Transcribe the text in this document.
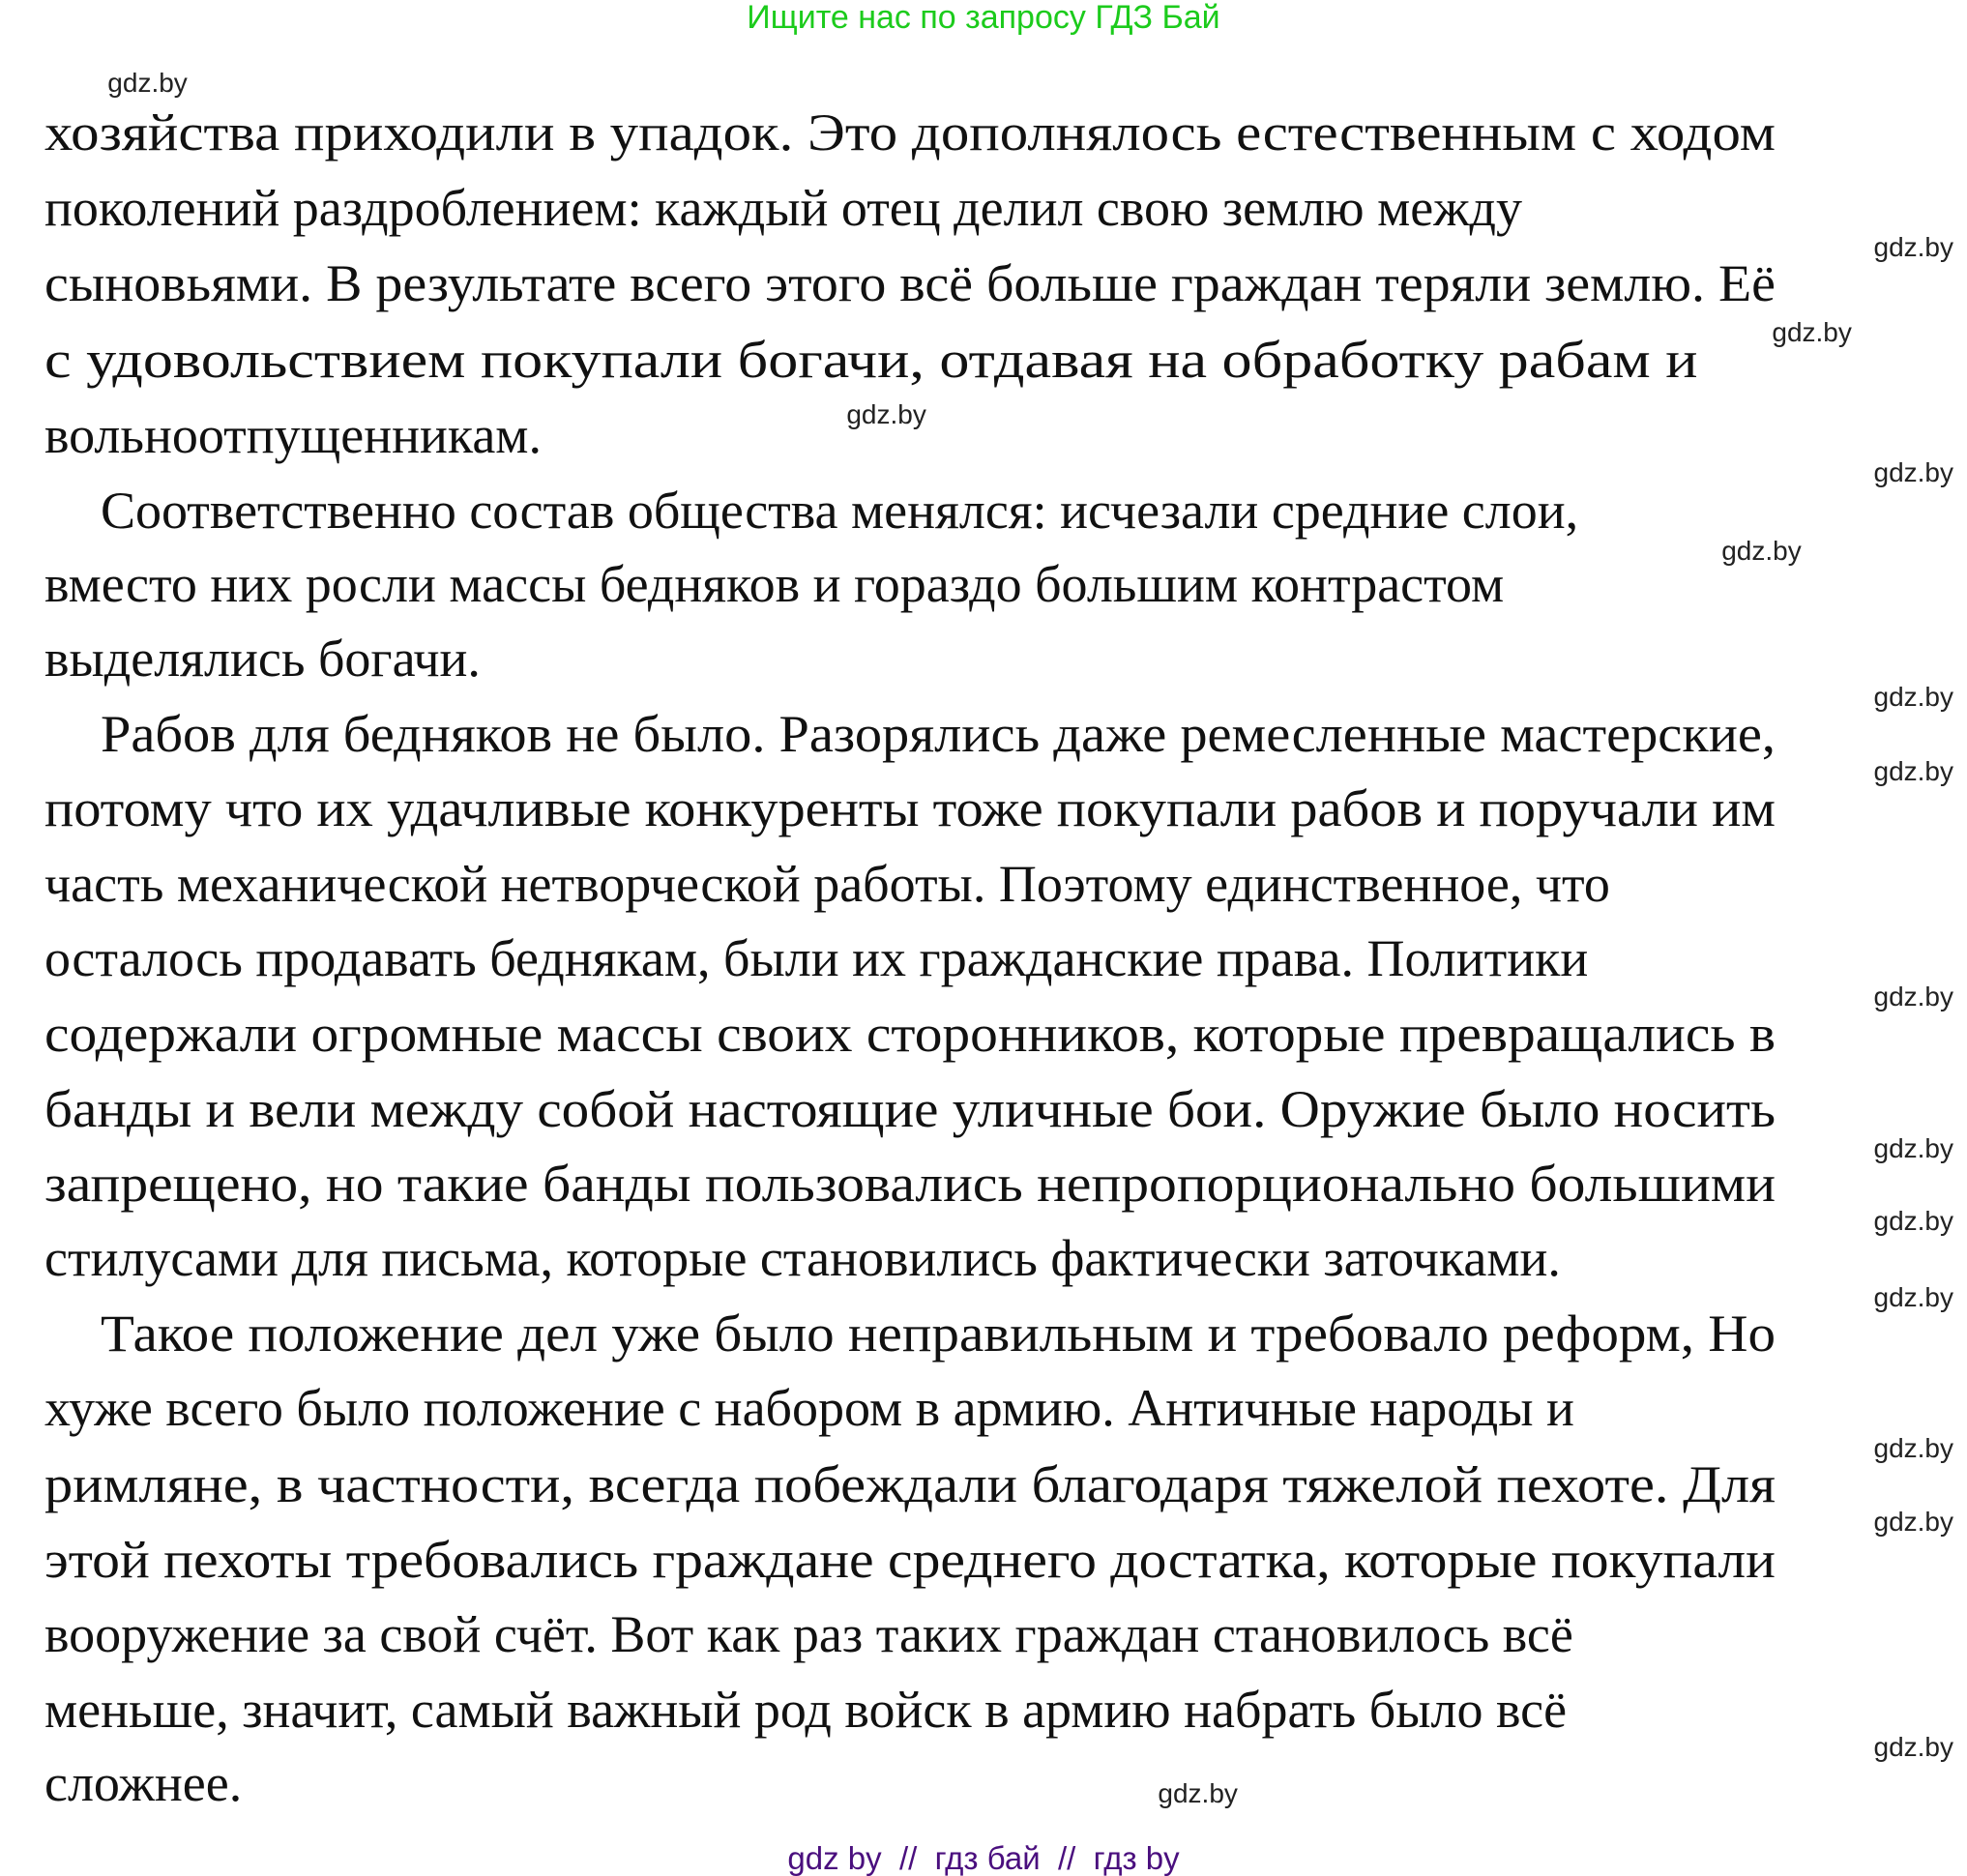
Ищите нас по запросу ГДЗ Бай
хозяйства приходили в упадок. Это дополнялось естественным с ходом
поколений раздроблением: каждый отец делил свою землю между
сыновьями. В результате всего этого всё больше граждан теряли землю. Её
с удовольствием покупали богачи, отдавая на обработку рабам и
вольноотпущенникам.
Соответственно состав общества менялся: исчезали средние слои,
вместо них росли массы бедняков и гораздо большим контрастом
выделялись богачи.
Рабов для бедняков не было. Разорялись даже ремесленные мастерские,
потому что их удачливые конкуренты тоже покупали рабов и поручали им
часть механической нетворческой работы. Поэтому единственное, что
осталось продавать беднякам, были их гражданские права. Политики
содержали огромные массы своих сторонников, которые превращались в
банды и вели между собой настоящие уличные бои. Оружие было носить
запрещено, но такие банды пользовались непропорционально большими
стилусами для письма, которые становились фактически заточками.
Такое положение дел уже было неправильным и требовало реформ, Но
хуже всего было положение с набором в армию. Античные народы и
римляне, в частности, всегда побеждали благодаря тяжелой пехоте. Для
этой пехоты требовались граждане среднего достатка, которые покупали
вооружение за свой счёт. Вот как раз таких граждан становилось всё
меньше, значит, самый важный род войск в армию набрать было всё
сложнее.
gdz.by
gdz.by
gdz.by
gdz.by
gdz.by
gdz.by
gdz.by
gdz.by
gdz.by
gdz.by
gdz.by
gdz.by
gdz.by
gdz.by
gdz.by
gdz.by
gdz by  //  гдз бай  //  гдз by
